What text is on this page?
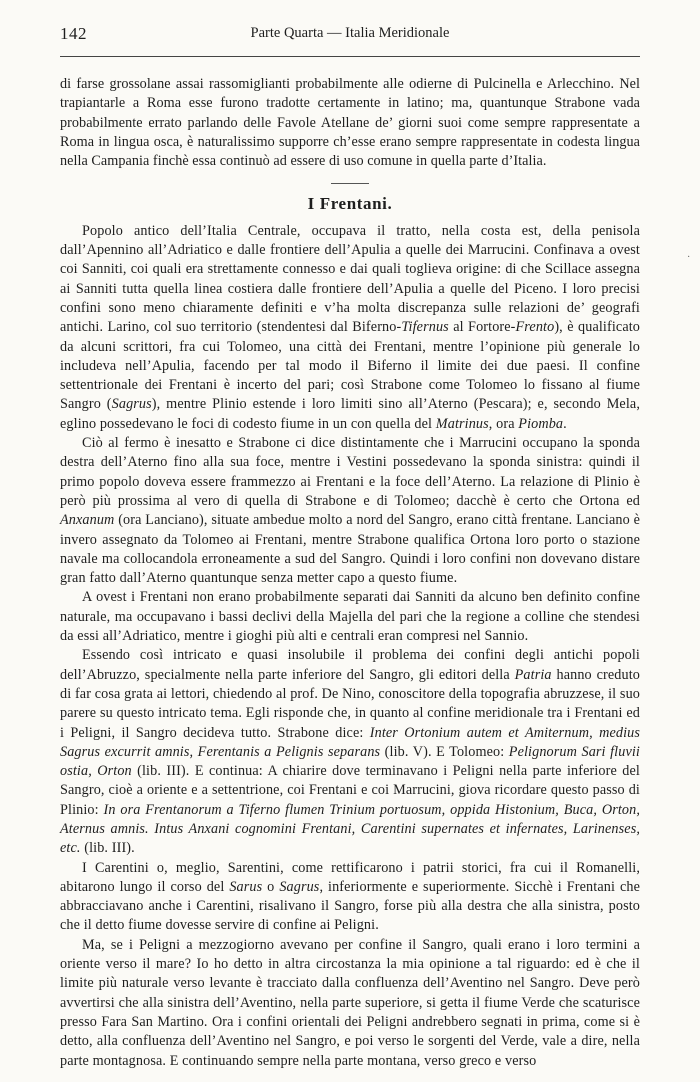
142	Parte Quarta — Italia Meridionale
·

di farse grossolane assai rassomiglianti probabilmente alle odierne di Pulcinella e Arlecchino. Nel trapiantarle a Roma esse furono tradotte certamente in latino; ma, quantunque Strabone vada probabilmente errato parlando delle Favole Atellane de’ giorni suoi come sempre rappresentate a Roma in lingua osca, è naturalissimo supporre ch’esse erano sempre rappresentate in codesta lingua nella Campania finchè essa continuò ad essere di uso comune in quella parte d’Italia.

I Frentani.

Popolo antico dell’Italia Centrale, occupava il tratto, nella costa est, della penisola dall’Apennino all’Adriatico e dalle frontiere dell’Apulia a quelle dei Marrucini. Confinava a ovest coi Sanniti, coi quali era strettamente connesso e dai quali toglieva origine: di che Scillace assegna ai Sanniti tutta quella linea costiera dalle frontiere dell’Apulia a quelle del Piceno. I loro precisi confini sono meno chiaramente definiti e v’ha molta discrepanza sulle relazioni de’ geografi antichi. Larino, col suo territorio (stendentesi dal Biferno-Tifernus al Fortore-Frento), è qualificato da alcuni scrittori, fra cui Tolomeo, una città dei Frentani, mentre l’opinione più generale lo includeva nell’Apulia, facendo per tal modo il Biferno il limite dei due paesi. Il confine settentrionale dei Frentani è incerto del pari; così Strabone come Tolomeo lo fissano al fiume Sangro (Sagrus), mentre Plinio estende i loro limiti sino all’Aterno (Pescara); e, secondo Mela, eglino possedevano le foci di codesto fiume in un con quella del Matrinus, ora Piomba.

Ciò al fermo è inesatto e Strabone ci dice distintamente che i Marrucini occupano la sponda destra dell’Aterno fino alla sua foce, mentre i Vestini possedevano la sponda sinistra: quindi il primo popolo doveva essere frammezzo ai Frentani e la foce dell’Aterno. La relazione di Plinio è però più prossima al vero di quella di Strabone e di Tolomeo; dacchè è certo che Ortona ed Anxanum (ora Lanciano), situate ambedue molto a nord del Sangro, erano città frentane. Lanciano è invero assegnato da Tolomeo ai Frentani, mentre Strabone qualifica Ortona loro porto o stazione navale ma collocandola erroneamente a sud del Sangro. Quindi i loro confini non dovevano distare gran fatto dall’Aterno quantunque senza metter capo a questo fiume.

A ovest i Frentani non erano probabilmente separati dai Sanniti da alcuno ben definito confine naturale, ma occupavano i bassi declivi della Majella del pari che la regione a colline che stendesi da essi all’Adriatico, mentre i gioghi più alti e centrali eran compresi nel Sannio.

Essendo così intricato e quasi insolubile il problema dei confini degli antichi popoli dell’Abruzzo, specialmente nella parte inferiore del Sangro, gli editori della Patria hanno creduto di far cosa grata ai lettori, chiedendo al prof. De Nino, conoscitore della topografia abruzzese, il suo parere su questo intricato tema. Egli risponde che, in quanto al confine meridionale tra i Frentani ed i Peligni, il Sangro decideva tutto. Strabone dice: Inter Ortonium autem et Amiternum, medius Sagrus excurrit amnis, Ferentanis a Pelignis separans (lib. V). E Tolomeo: Pelignorum Sari fluvii ostia, Orton (lib. III). E continua: A chiarire dove terminavano i Peligni nella parte inferiore del Sangro, cioè a oriente e a settentrione, coi Frentani e coi Marrucini, giova ricordare questo passo di Plinio: In ora Frentanorum a Tiferno flumen Trinium portuosum, oppida Histonium, Buca, Orton, Aternus amnis. Intus Anxani cognomini Frentani, Carentini supernates et infernates, Larinenses, etc. (lib. III).

I Carentini o, meglio, Sarentini, come rettificarono i patrii storici, fra cui il Romanelli, abitarono lungo il corso del Sarus o Sagrus, inferiormente e superiormente. Sicchè i Frentani che abbracciavano anche i Carentini, risalivano il Sangro, forse più alla destra che alla sinistra, posto che il detto fiume dovesse servire di confine ai Peligni.

Ma, se i Peligni a mezzogiorno avevano per confine il Sangro, quali erano i loro termini a oriente verso il mare? Io ho detto in altra circostanza la mia opinione a tal riguardo: ed è che il limite più naturale verso levante è tracciato dalla confluenza dell’Aventino nel Sangro. Deve però avvertirsi che alla sinistra dell’Aventino, nella parte superiore, si getta il fiume Verde che scaturisce presso Fara San Martino. Ora i confini orientali dei Peligni andrebbero segnati in prima, come si è detto, alla confluenza dell’Aventino nel Sangro, e poi verso le sorgenti del Verde, vale a dire, nella parte montagnosa. E continuando sempre nella parte montana, verso greco e verso
